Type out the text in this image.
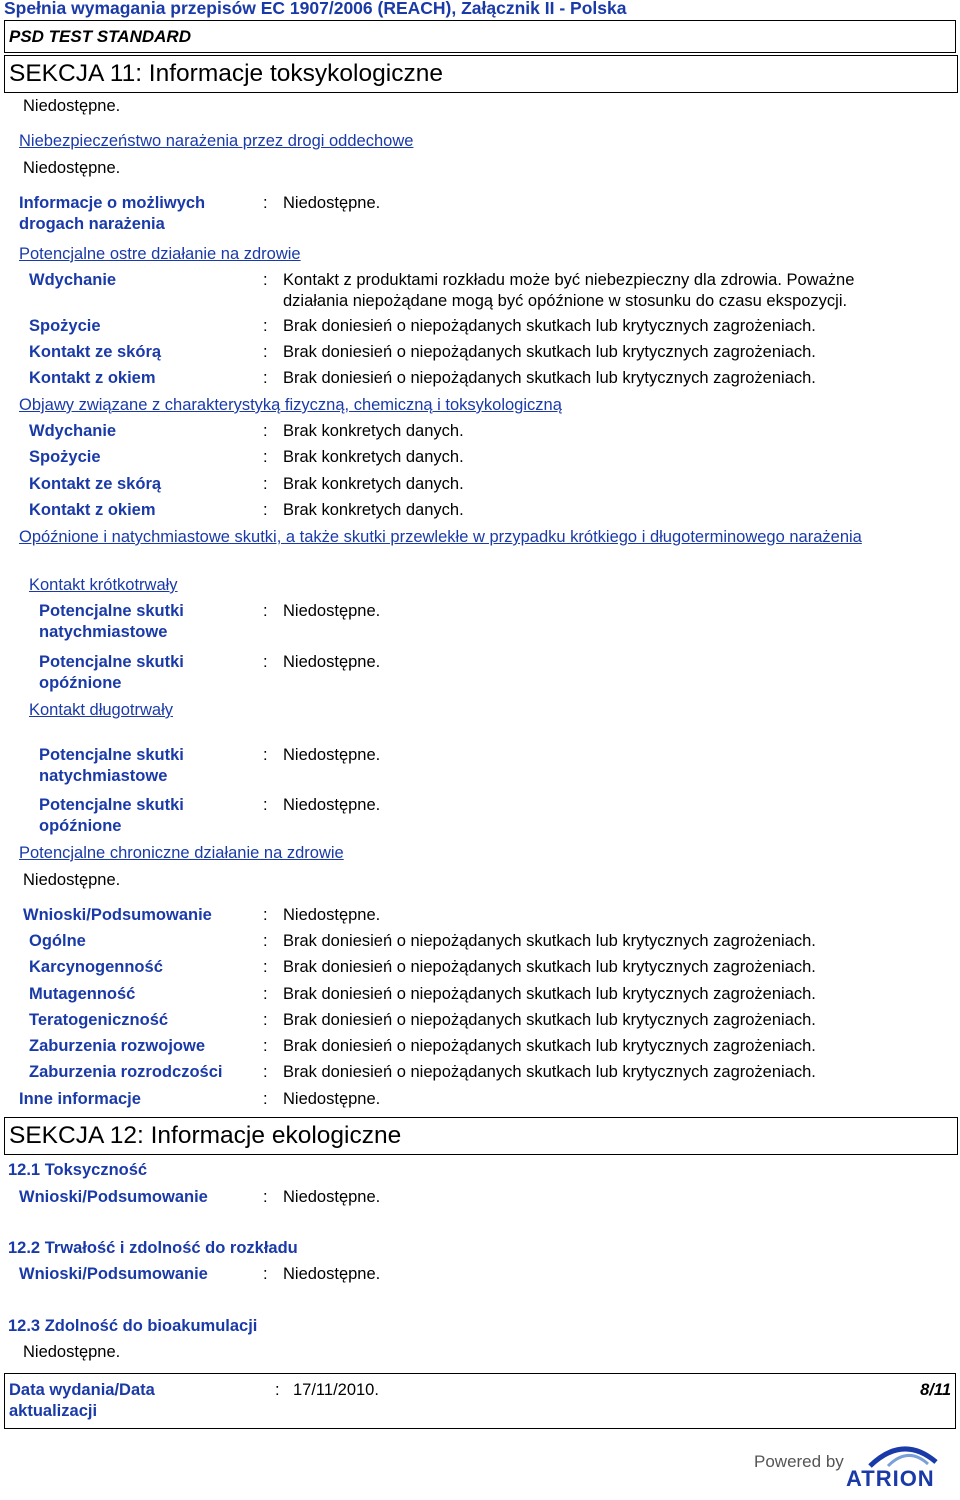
Spełnia wymagania przepisów EC 1907/2006 (REACH), Załącznik II - Polska
PSD TEST STANDARD
SEKCJA 11: Informacje toksykologiczne
Niedostępne.
Niebezpieczeństwo narażenia przez drogi oddechowe
Niedostępne.
Informacje o możliwych drogach narażenia
: Niedostępne.
Potencjalne ostre działanie na zdrowie
Wdychanie	: Kontakt z produktami rozkładu może być niebezpieczny dla zdrowia. Poważne działania niepożądane mogą być opóźnione w stosunku do czasu ekspozycji.
Spożycie	: Brak doniesień o niepożądanych skutkach lub krytycznych zagrożeniach.
Kontakt ze skórą	: Brak doniesień o niepożądanych skutkach lub krytycznych zagrożeniach.
Kontakt z okiem	: Brak doniesień o niepożądanych skutkach lub krytycznych zagrożeniach.
Objawy związane z charakterystyką fizyczną, chemiczną i toksykologiczną
Wdychanie	: Brak konkretych danych.
Spożycie	: Brak konkretych danych.
Kontakt ze skórą	: Brak konkretych danych.
Kontakt z okiem	: Brak konkretych danych.
Opóźnione i natychmiastowe skutki, a także skutki przewlekłe w przypadku krótkiego i długoterminowego narażenia
Kontakt krótkotrwały
Potencjalne skutki natychmiastowe
: Niedostępne.
Potencjalne skutki opóźnione
: Niedostępne.
Kontakt długotrwały
Potencjalne skutki natychmiastowe
: Niedostępne.
Potencjalne skutki opóźnione
: Niedostępne.
Potencjalne chroniczne działanie na zdrowie
Niedostępne.
Wnioski/Podsumowanie	: Niedostępne.
Ogólne	: Brak doniesień o niepożądanych skutkach lub krytycznych zagrożeniach.
Karcynogenność	: Brak doniesień o niepożądanych skutkach lub krytycznych zagrożeniach.
Mutagenność	: Brak doniesień o niepożądanych skutkach lub krytycznych zagrożeniach.
Teratogeniczność	: Brak doniesień o niepożądanych skutkach lub krytycznych zagrożeniach.
Zaburzenia rozwojowe	: Brak doniesień o niepożądanych skutkach lub krytycznych zagrożeniach.
Zaburzenia rozrodczości : Brak doniesień o niepożądanych skutkach lub krytycznych zagrożeniach.
Inne informacje	: Niedostępne.
SEKCJA 12: Informacje ekologiczne
12.1 Toksyczność
Wnioski/Podsumowanie	: Niedostępne.
12.2 Trwałość i zdolność do rozkładu
Wnioski/Podsumowanie	: Niedostępne.
12.3 Zdolność do bioakumulacji
Niedostępne.
Data wydania/Data aktualizacji
: 17/11/2010.	8/11
Powered by
ATRION
